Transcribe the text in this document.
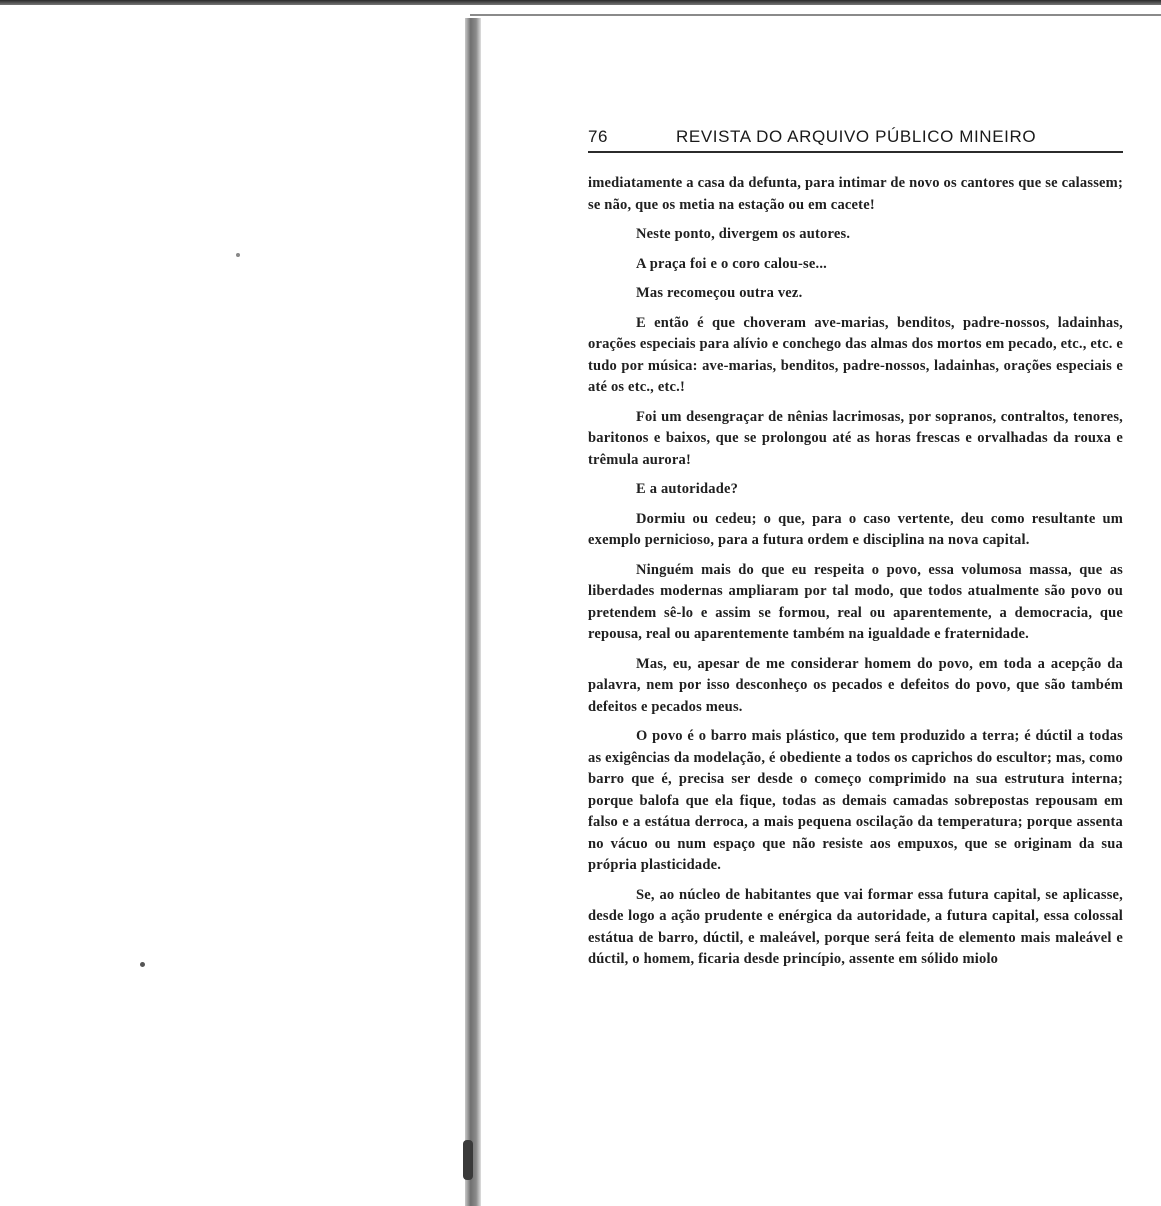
76	REVISTA DO ARQUIVO PÚBLICO MINEIRO

imediatamente a casa da defunta, para intimar de novo os cantores que se calassem; se não, que os metia na estação ou em cacete!

Neste ponto, divergem os autores.

A praça foi e o coro calou-se...

Mas recomeçou outra vez.

E então é que choveram ave-marias, benditos, padre-nossos, ladainhas, orações especiais para alívio e conchego das almas dos mortos em pecado, etc., etc. e tudo por música: ave-marias, benditos, padre-nossos, ladainhas, orações especiais e até os etc., etc.!

Foi um desengraçar de nênias lacrimosas, por sopranos, contraltos, tenores, baritonos e baixos, que se prolongou até as horas frescas e orvalhadas da rouxa e trêmula aurora!

E a autoridade?

Dormiu ou cedeu; o que, para o caso vertente, deu como resultante um exemplo pernicioso, para a futura ordem e disciplina na nova capital.

Ninguém mais do que eu respeita o povo, essa volumosa massa, que as liberdades modernas ampliaram por tal modo, que todos atualmente são povo ou pretendem sê-lo e assim se formou, real ou aparentemente, a democracia, que repousa, real ou aparentemente também na igualdade e fraternidade.

Mas, eu, apesar de me considerar homem do povo, em toda a acepção da palavra, nem por isso desconheço os pecados e defeitos do povo, que são também defeitos e pecados meus.

O povo é o barro mais plástico, que tem produzido a terra; é dúctil a todas as exigências da modelação, é obediente a todos os caprichos do escultor; mas, como barro que é, precisa ser desde o começo comprimido na sua estrutura interna; porque balofa que ela fique, todas as demais camadas sobrepostas repousam em falso e a estátua derroca, a mais pequena oscilação da temperatura; porque assenta no vácuo ou num espaço que não resiste aos empuxos, que se originam da sua própria plasticidade.

Se, ao núcleo de habitantes que vai formar essa futura capital, se aplicasse, desde logo a ação prudente e enérgica da autoridade, a futura capital, essa colossal estátua de barro, dúctil, e maleável, porque será feita de elemento mais maleável e dúctil, o homem, ficaria desde princípio, assente em sólido miolo
